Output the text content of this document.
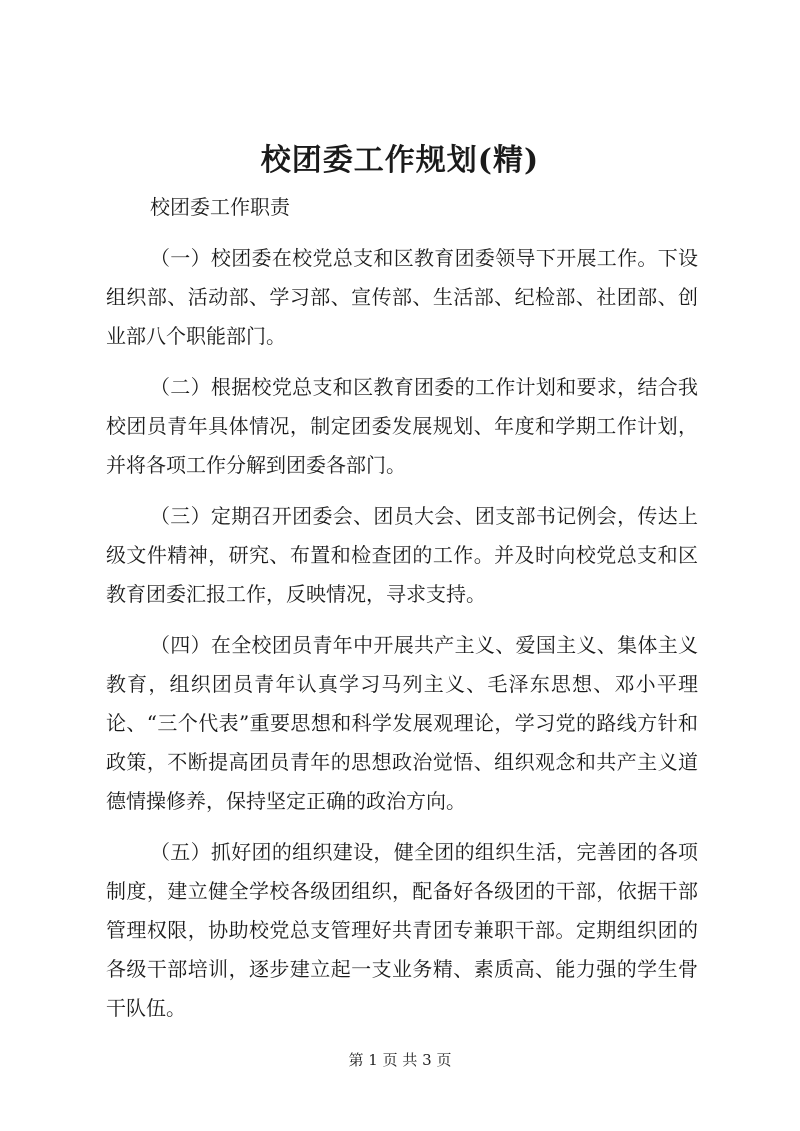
校团委工作规划(精)
校团委工作职责

（一）校团委在校党总支和区教育团委领导下开展工作。下设组织部、活动部、学习部、宣传部、生活部、纪检部、社团部、创业部八个职能部门。

（二）根据校党总支和区教育团委的工作计划和要求，结合我校团员青年具体情况，制定团委发展规划、年度和学期工作计划，并将各项工作分解到团委各部门。

（三）定期召开团委会、团员大会、团支部书记例会，传达上级文件精神，研究、布置和检查团的工作。并及时向校党总支和区教育团委汇报工作，反映情况，寻求支持。

（四）在全校团员青年中开展共产主义、爱国主义、集体主义教育，组织团员青年认真学习马列主义、毛泽东思想、邓小平理论、“三个代表”重要思想和科学发展观理论，学习党的路线方针和政策，不断提高团员青年的思想政治觉悟、组织观念和共产主义道德情操修养，保持坚定正确的政治方向。

（五）抓好团的组织建设，健全团的组织生活，完善团的各项制度，建立健全学校各级团组织，配备好各级团的干部，依据干部管理权限，协助校党总支管理好共青团专兼职干部。定期组织团的各级干部培训，逐步建立起一支业务精、素质高、能力强的学生骨干队伍。

第 1 页 共 3 页
